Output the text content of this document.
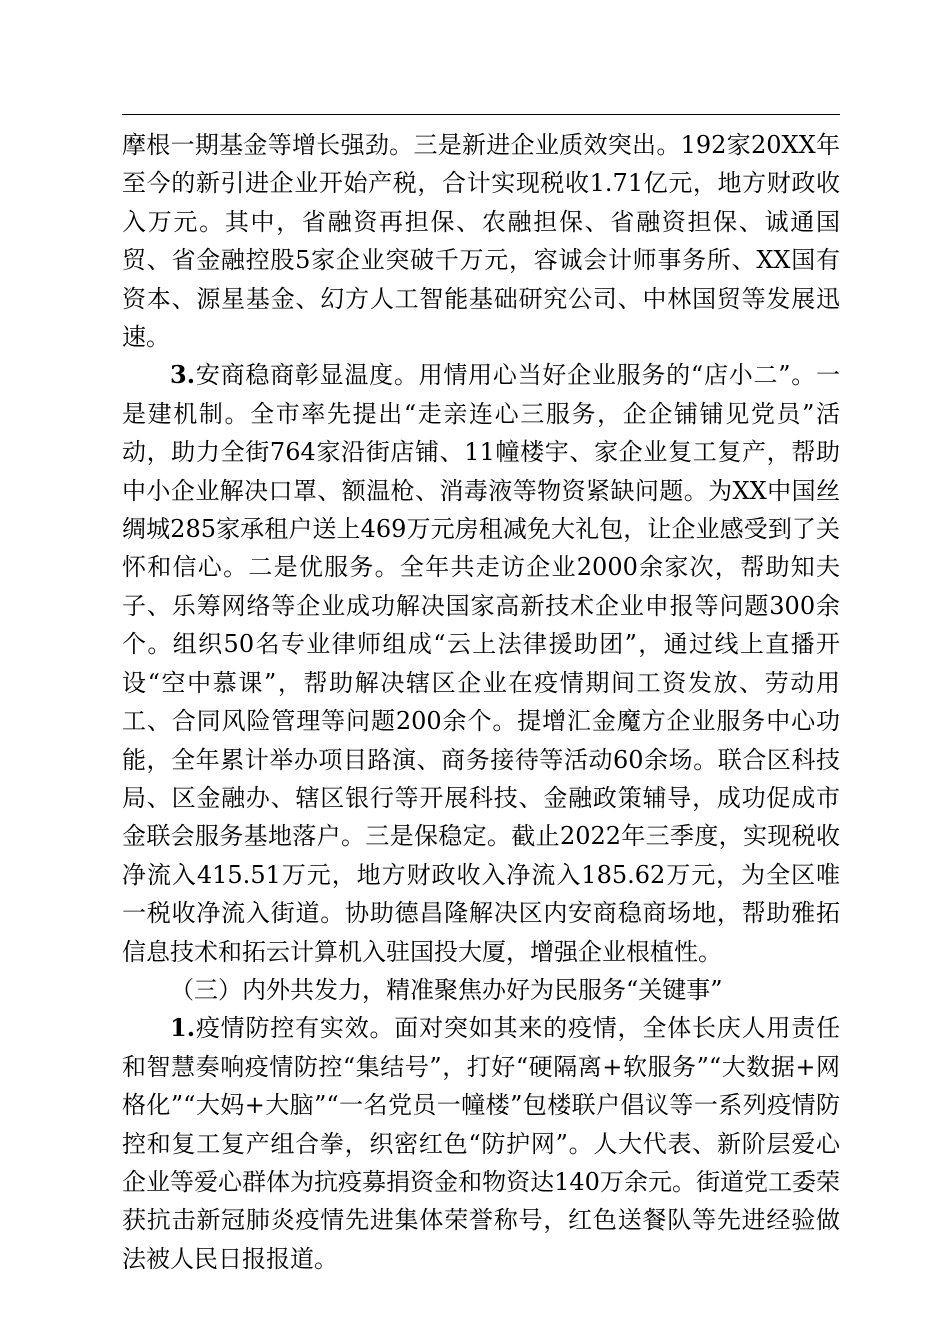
摩根一期基金等增长强劲。三是新进企业质效突出。192家20XX年至今的新引进企业开始产税，合计实现税收1.71亿元，地方财政收入万元。其中，省融资再担保、农融担保、省融资担保、诚通国贸、省金融控股5家企业突破千万元，容诚会计师事务所、XX国有资本、源星基金、幻方人工智能基础研究公司、中林国贸等发展迅速。

3.安商稳商彰显温度。用情用心当好企业服务的“店小二”。一是建机制。全市率先提出“走亲连心三服务，企企铺铺见党员”活动，助力全街764家沿街店铺、11幢楼宇、家企业复工复产，帮助中小企业解决口罩、额温枪、消毒液等物资紧缺问题。为XX中国丝绸城285家承租户送上469万元房租减免大礼包，让企业感受到了关怀和信心。二是优服务。全年共走访企业2000余家次，帮助知夫子、乐筹网络等企业成功解决国家高新技术企业申报等问题300余个。组织50名专业律师组成“云上法律援助团”，通过线上直播开设“空中慕课”，帮助解决辖区企业在疫情期间工资发放、劳动用工、合同风险管理等问题200余个。提增汇金魔方企业服务中心功能，全年累计举办项目路演、商务接待等活动60余场。联合区科技局、区金融办、辖区银行等开展科技、金融政策辅导，成功促成市金联会服务基地落户。三是保稳定。截止2022年三季度，实现税收净流入415.51万元，地方财政收入净流入185.62万元，为全区唯一税收净流入街道。协助德昌隆解决区内安商稳商场地，帮助雅拓信息技术和拓云计算机入驻国投大厦，增强企业根植性。

（三）内外共发力，精准聚焦办好为民服务“关键事”

1.疫情防控有实效。面对突如其来的疫情，全体长庆人用责任和智慧奏响疫情防控“集结号”，打好“硬隔离+软服务”“大数据+网格化”“大妈+大脑”“一名党员一幢楼”包楼联户倡议等一系列疫情防控和复工复产组合拳，织密红色“防护网”。人大代表、新阶层爱心企业等爱心群体为抗疫募捐资金和物资达140万余元。街道党工委荣获抗击新冠肺炎疫情先进集体荣誉称号，红色送餐队等先进经验做法被人民日报报道。
